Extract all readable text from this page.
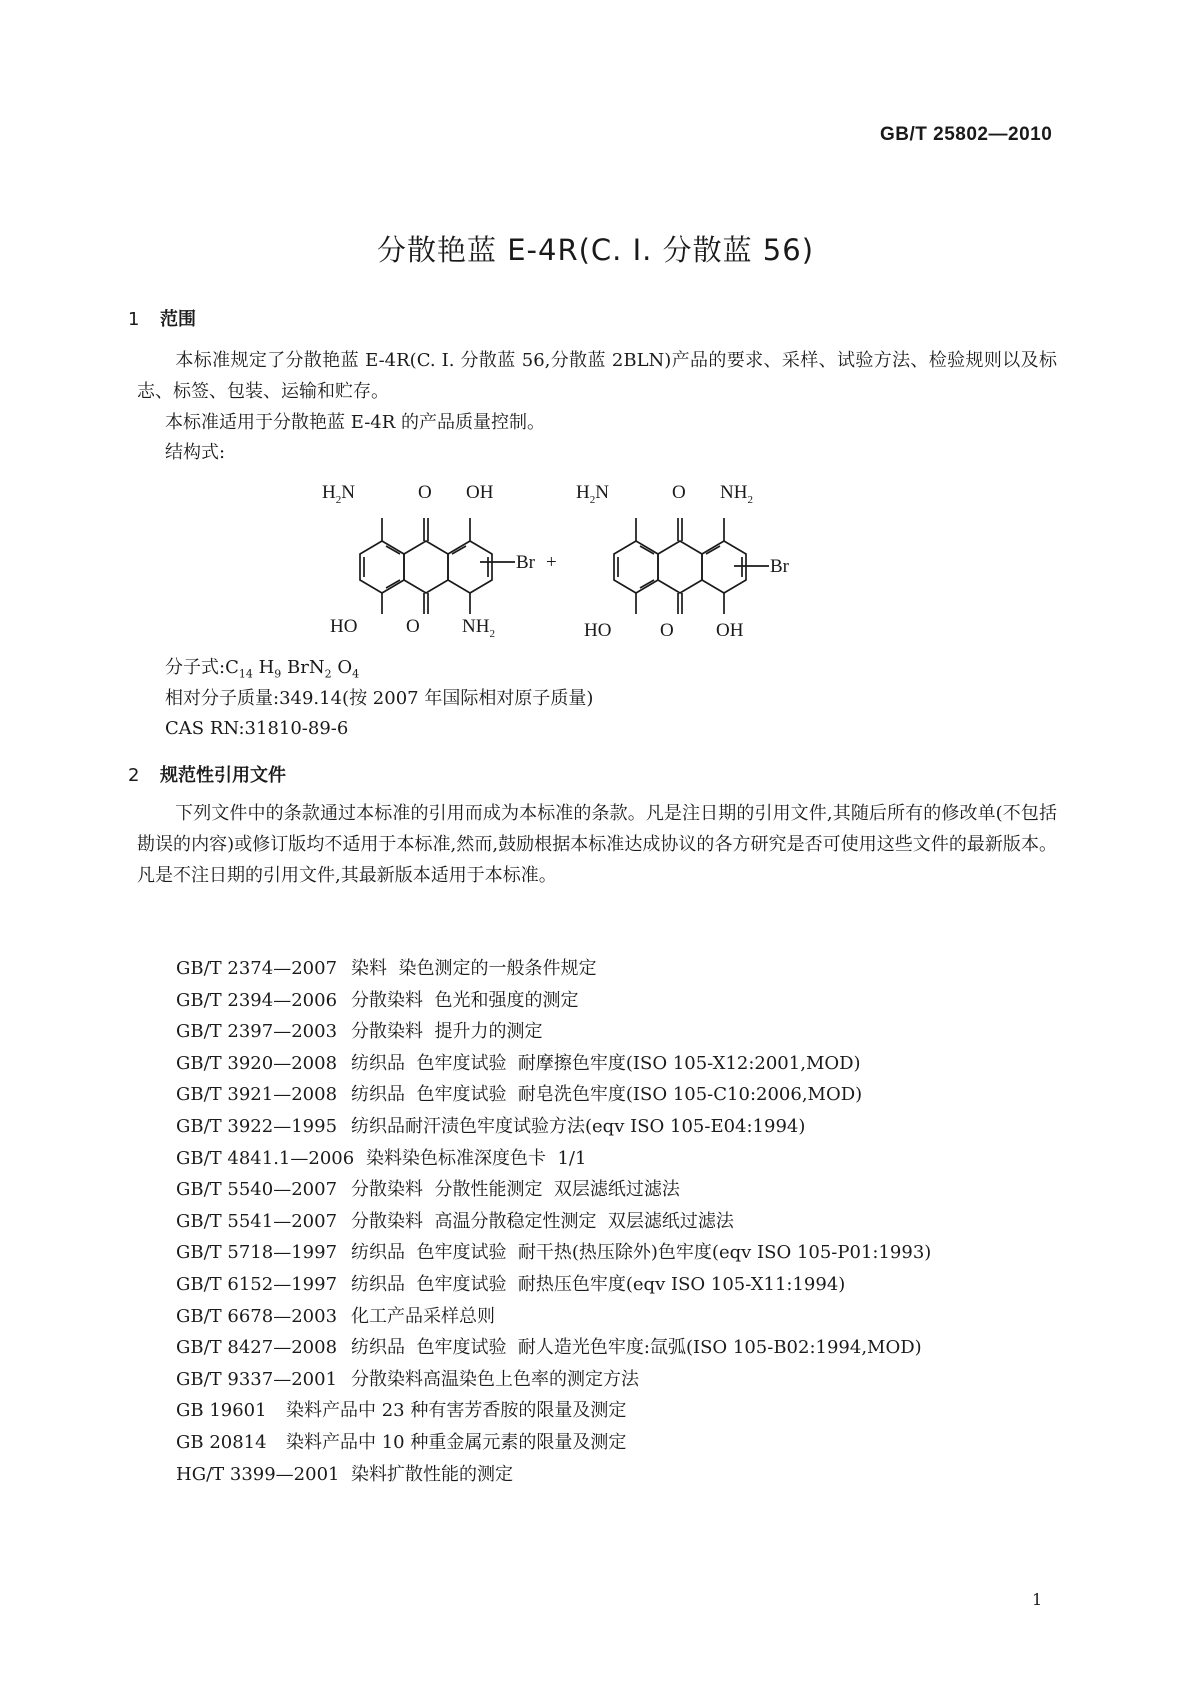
GB/T 25802—2010
分散艳蓝 E-4R(C. I. 分散蓝 56)
1 范围
本标准规定了分散艳蓝 E-4R(C. I. 分散蓝 56,分散蓝 2BLN)产品的要求、采样、试验方法、检验规则以及标志、标签、包装、运输和贮存。
本标准适用于分散艳蓝 E-4R 的产品质量控制。
结构式:
$H_2N$	O OH
Br
HO	O $NH_2$
+
$H_2N$	O $NH_2$
Br
HO	O OH
分子式$:C_{14}$ $H_9$ BrN$_2$ $O_4$
相对分子质量:349.14(按 2007 年国际相对原子质量)
CAS RN:31810-89-6
2 规范性引用文件
下列文件中的条款通过本标准的引用而成为本标准的条款。凡是注日期的引用文件,其随后所有的修改单(不包括勘误的内容)或修订版均不适用于本标准,然而,鼓励根据本标准达成协议的各方研究是否可使用这些文件的最新版本。凡是不注日期的引用文件,其最新版本适用于本标准。
GB/T 2374—2007 染料  染色测定的一般条件规定
GB/T 2394—2006 分散染料  色光和强度的测定
GB/T 2397—2003 分散染料  提升力的测定
GB/T 3920—2008 纺织品  色牢度试验  耐摩擦色牢度(ISO 105-X12:2001,MOD)
GB/T 3921—2008 纺织品  色牢度试验  耐皂洗色牢度(ISO 105-C10:2006,MOD)
GB/T 3922—1995 纺织品耐汗渍色牢度试验方法(eqv ISO 105-E04:1994)
GB/T 4841.1—2006 染料染色标准深度色卡  1/1
GB/T 5540—2007 分散染料  分散性能测定  双层滤纸过滤法
GB/T 5541—2007 分散染料  高温分散稳定性测定  双层滤纸过滤法
GB/T 5718—1997 纺织品  色牢度试验  耐干热(热压除外)色牢度(eqv ISO 105-P01:1993)
GB/T 6152—1997 纺织品  色牢度试验  耐热压色牢度(eqv ISO 105-X11:1994)
GB/T 6678—2003 化工产品采样总则
GB/T 8427—2008 纺织品  色牢度试验  耐人造光色牢度:氙弧(ISO 105-B02:1994,MOD)
GB/T 9337—2001 分散染料高温染色上色率的测定方法
GB 19601 染料产品中 23 种有害芳香胺的限量及测定
GB 20814 染料产品中 10 种重金属元素的限量及测定
HG/T 3399—2001 染料扩散性能的测定
1
